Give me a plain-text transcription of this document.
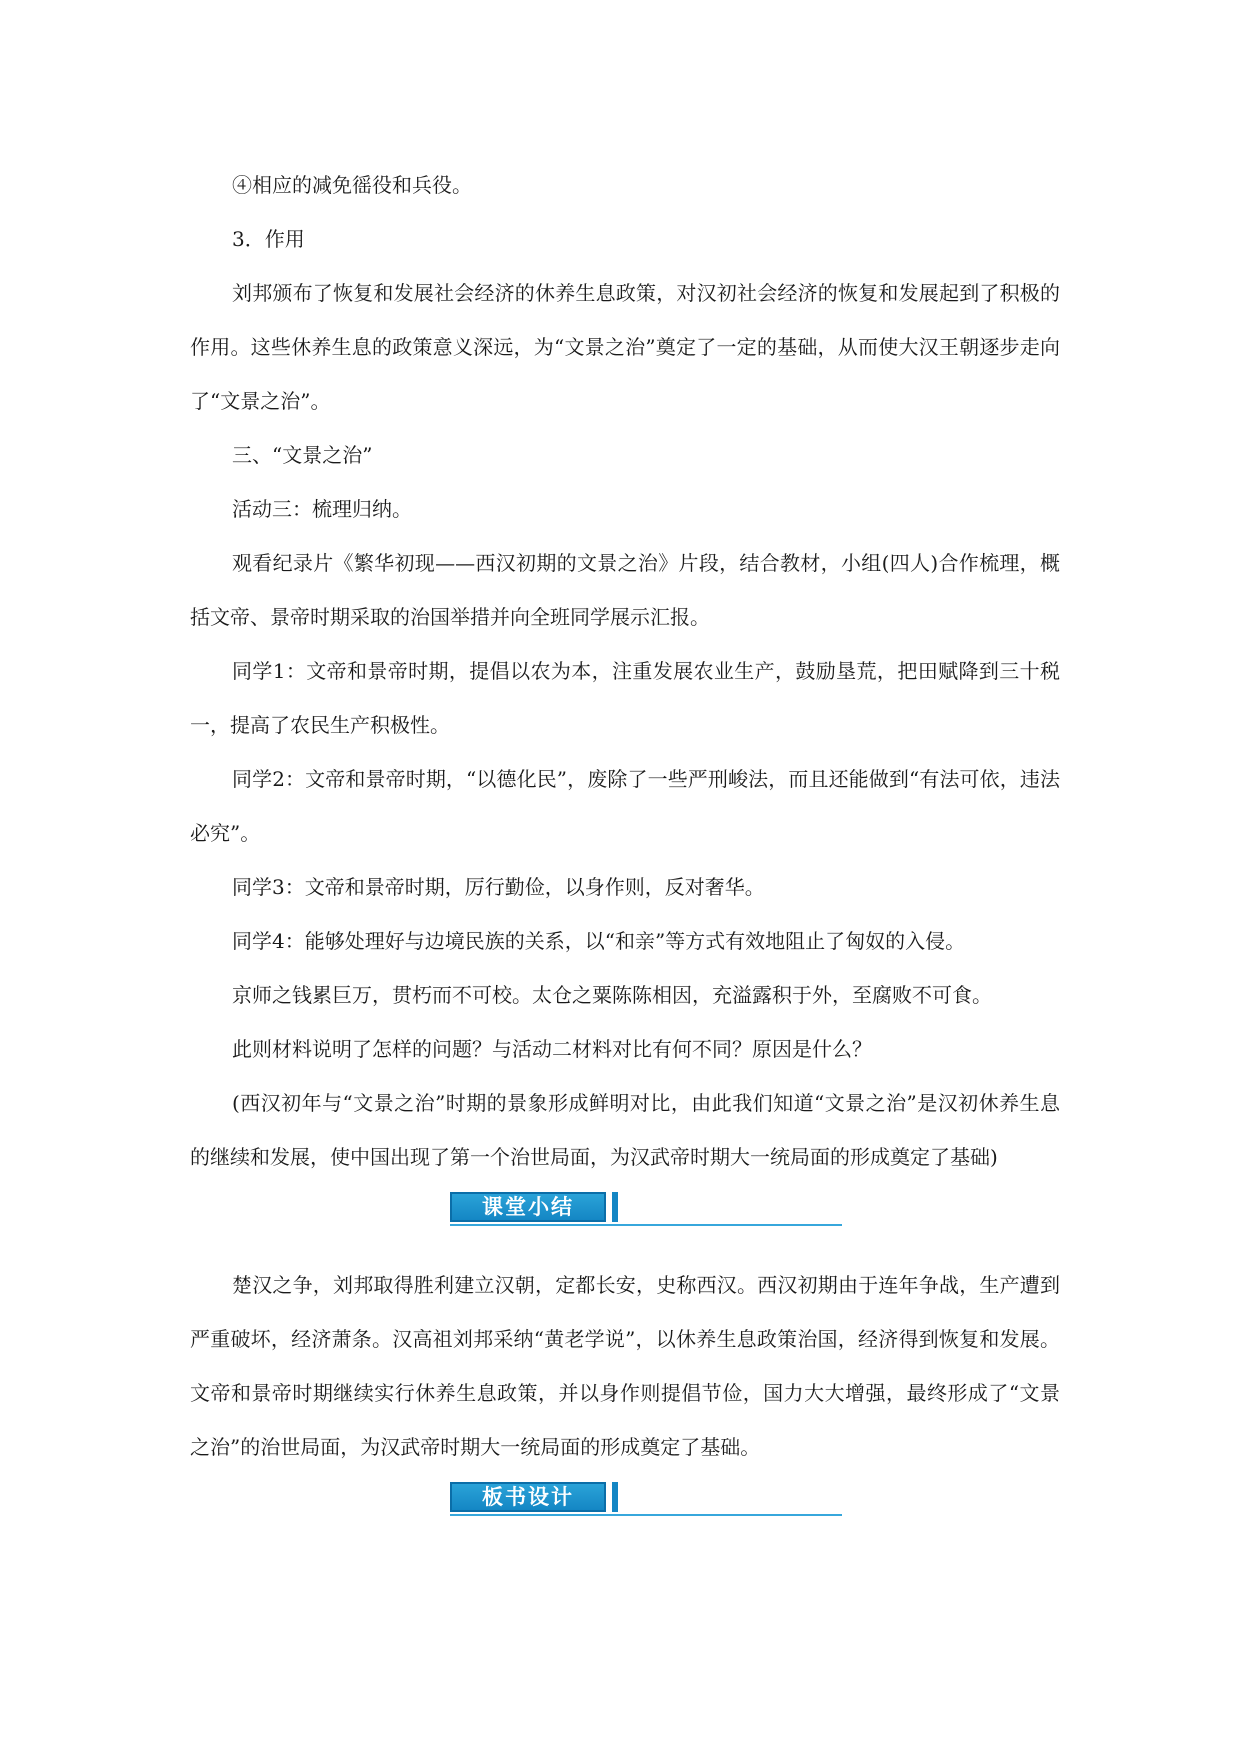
④相应的减免徭役和兵役。

3．作用

刘邦颁布了恢复和发展社会经济的休养生息政策，对汉初社会经济的恢复和发展起到了积极的作用。这些休养生息的政策意义深远，为“文景之治”奠定了一定的基础，从而使大汉王朝逐步走向了“文景之治”。

三、“文景之治”

活动三：梳理归纳。

观看纪录片《繁华初现——西汉初期的文景之治》片段，结合教材，小组(四人)合作梳理，概括文帝、景帝时期采取的治国举措并向全班同学展示汇报。

同学1：文帝和景帝时期，提倡以农为本，注重发展农业生产，鼓励垦荒，把田赋降到三十税一，提高了农民生产积极性。

同学2：文帝和景帝时期，“以德化民”，废除了一些严刑峻法，而且还能做到“有法可依，违法必究”。

同学3：文帝和景帝时期，厉行勤俭，以身作则，反对奢华。

同学4：能够处理好与边境民族的关系，以“和亲”等方式有效地阻止了匈奴的入侵。

京师之钱累巨万，贯朽而不可校。太仓之粟陈陈相因，充溢露积于外，至腐败不可食。

此则材料说明了怎样的问题？与活动二材料对比有何不同？原因是什么？

(西汉初年与“文景之治”时期的景象形成鲜明对比，由此我们知道“文景之治”是汉初休养生息的继续和发展，使中国出现了第一个治世局面，为汉武帝时期大一统局面的形成奠定了基础)

课堂小结

楚汉之争，刘邦取得胜利建立汉朝，定都长安，史称西汉。西汉初期由于连年争战，生产遭到严重破坏，经济萧条。汉高祖刘邦采纳“黄老学说”，以休养生息政策治国，经济得到恢复和发展。文帝和景帝时期继续实行休养生息政策，并以身作则提倡节俭，国力大大增强，最终形成了“文景之治”的治世局面，为汉武帝时期大一统局面的形成奠定了基础。

板书设计
